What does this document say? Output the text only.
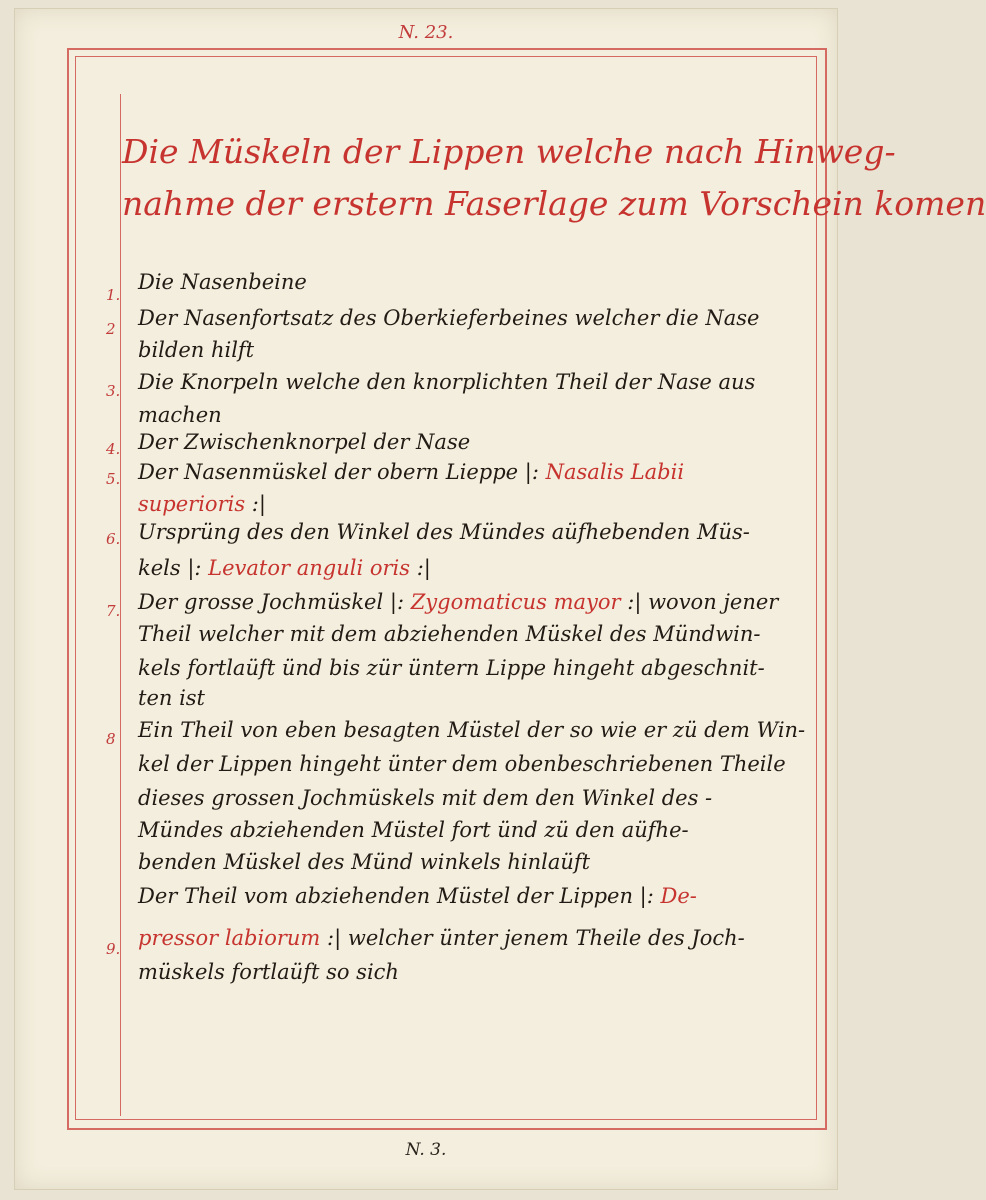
N. 23.
Die Müskeln der Lippen welche nach Hinweg-
nahme der erstern Faserlage zum Vorschein komen
1.
Die Nasenbeine
2	Der Nasenfortsatz des Oberkieferbeines welcher die Nase
bilden hilft
3. Die Knorpeln welche den knorplichten Theil der Nase aus
machen
4. Der Zwischenknorpel der Nase
5. Der Nasenmüskel der obern Lieppe |: Nasalis Labii
superioris :|
6. Ursprüng des den Winkel des Mündes aüfhebenden Müs-
kels |: Levator anguli oris :|
7. Der grosse Jochmüskel |: Zygomaticus mayor :| wovon jener
Theil welcher mit dem abziehenden Müskel des Mündwin-
kels fortlaüft ünd bis zür üntern Lippe hingeht abgeschnit-
ten ist
8	Ein Theil von eben besagten Müstel der so wie er zü dem Win-
kel der Lippen hingeht ünter dem obenbeschriebenen Theile
dieses grossen Jochmüskels mit dem den Winkel des -
Mündes abziehenden Müstel fort ünd zü den aüfhe-
benden Müskel des Münd winkels hinlaüft
9.
Der Theil vom abziehenden Müstel der Lippen |: De-
pressor labiorum :| welcher ünter jenem Theile des Joch-
müskels fortlaüft so sich
N. 3.
